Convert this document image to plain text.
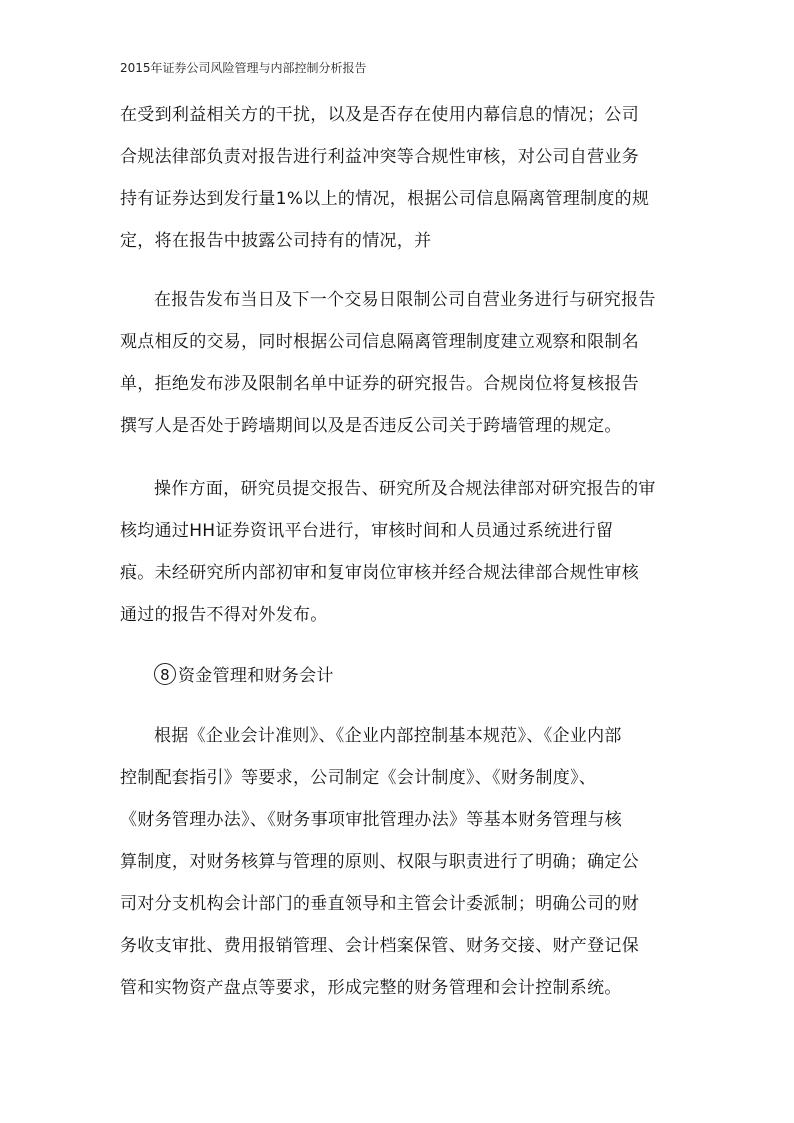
2015年证券公司风险管理与内部控制分析报告
在受到利益相关方的干扰，以及是否存在使用内幕信息的情况；公司
合规法律部负责对报告进行利益冲突等合规性审核，对公司自营业务
持有证券达到发行量1%以上的情况，根据公司信息隔离管理制度的规
定，将在报告中披露公司持有的情况，并
在报告发布当日及下一个交易日限制公司自营业务进行与研究报告
观点相反的交易，同时根据公司信息隔离管理制度建立观察和限制名
单，拒绝发布涉及限制名单中证券的研究报告。合规岗位将复核报告
撰写人是否处于跨墙期间以及是否违反公司关于跨墙管理的规定。
操作方面，研究员提交报告、研究所及合规法律部对研究报告的审
核均通过HH证券资讯平台进行，审核时间和人员通过系统进行留
痕。未经研究所内部初审和复审岗位审核并经合规法律部合规性审核
通过的报告不得对外发布。
8 资金管理和财务会计
根据《企业会计准则》、《企业内部控制基本规范》、《企业内部
控制配套指引》等要求，公司制定《会计制度》、《财务制度》、
《财务管理办法》、《财务事项审批管理办法》等基本财务管理与核
算制度，对财务核算与管理的原则、权限与职责进行了明确；确定公
司对分支机构会计部门的垂直领导和主管会计委派制；明确公司的财
务收支审批、费用报销管理、会计档案保管、财务交接、财产登记保
管和实物资产盘点等要求，形成完整的财务管理和会计控制系统。
